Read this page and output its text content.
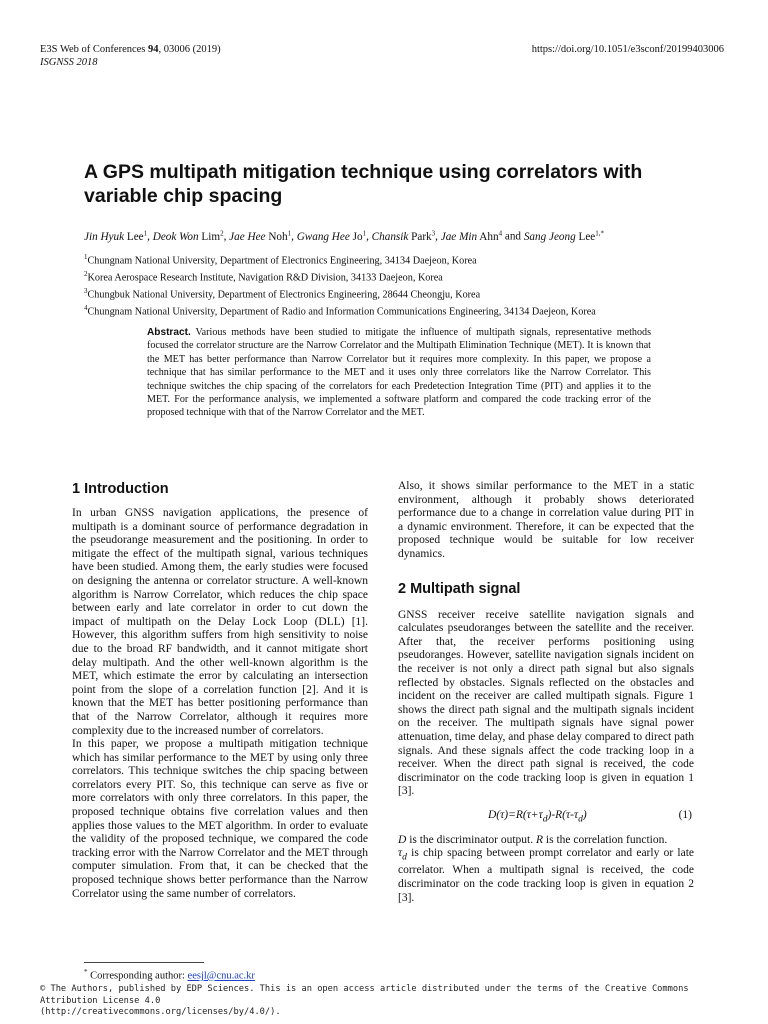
E3S Web of Conferences 94, 03006 (2019)
ISGNSS 2018
https://doi.org/10.1051/e3sconf/20199403006
A GPS multipath mitigation technique using correlators with variable chip spacing
Jin Hyuk Lee$^1$, Deok Won Lim$^2$, Jae Hee Noh$^1$, Gwang Hee Jo$^1$, Chansik Park$^3$, Jae Min Ahn$^4$ and Sang Jeong Lee$^{1,*}$
$^1$Chungnam National University, Department of Electronics Engineering, 34134 Daejeon, Korea
$^2$Korea Aerospace Research Institute, Navigation R&D Division, 34133 Daejeon, Korea
$^3$Chungbuk National University, Department of Electronics Engineering, 28644 Cheongju, Korea
$^4$Chungnam National University, Department of Radio and Information Communications Engineering, 34134 Daejeon, Korea
Abstract. Various methods have been studied to mitigate the influence of multipath signals, representative methods focused the correlator structure are the Narrow Correlator and the Multipath Elimination Technique (MET). It is known that the MET has better performance than Narrow Correlator but it requires more complexity. In this paper, we propose a technique that has similar performance to the MET and it uses only three correlators like the Narrow Correlator. This technique switches the chip spacing of the correlators for each Predetection Integration Time (PIT) and applies it to the MET. For the performance analysis, we implemented a software platform and compared the code tracking error of the proposed technique with that of the Narrow Correlator and the MET.
1 Introduction

In urban GNSS navigation applications, the presence of multipath is a dominant source of performance degradation in the pseudorange measurement and the positioning. In order to mitigate the effect of the multipath signal, various techniques have been studied. Among them, the early studies were focused on designing the antenna or correlator structure. A well-known algorithm is Narrow Correlator, which reduces the chip space between early and late correlator in order to cut down the impact of multipath on the Delay Lock Loop (DLL) [1]. However, this algorithm suffers from high sensitivity to noise due to the broad RF bandwidth, and it cannot mitigate short delay multipath. And the other well-known algorithm is the MET, which estimate the error by calculating an intersection point from the slope of a correlation function [2]. And it is known that the MET has better positioning performance than that of the Narrow Correlator, although it requires more complexity due to the increased number of correlators.

In this paper, we propose a multipath mitigation technique which has similar performance to the MET by using only three correlators. This technique switches the chip spacing between correlators every PIT. So, this technique can serve as five or more correlators with only three correlators. In this paper, the proposed technique obtains five correlation values and then applies those values to the MET algorithm. In order to evaluate the validity of the proposed technique, we compared the code tracking error with the Narrow Correlator and the MET through computer simulation. From that, it can be checked that the proposed technique shows better performance than the Narrow Correlator using the same number of correlators.

Also, it shows similar performance to the MET in a static environment, although it probably shows deteriorated performance due to a change in correlation value during PIT in a dynamic environment. Therefore, it can be expected that the proposed technique would be suitable for low receiver dynamics.

2 Multipath signal

GNSS receiver receive satellite navigation signals and calculates pseudoranges between the satellite and the receiver. After that, the receiver performs positioning using pseudoranges. However, satellite navigation signals incident on the receiver is not only a direct path signal but also signals reflected by obstacles. Signals reflected on the obstacles and incident on the receiver are called multipath signals. Figure 1 shows the direct path signal and the multipath signals incident on the receiver. The multipath signals have signal power attenuation, time delay, and phase delay compared to direct path signals. And these signals affect the code tracking loop in a receiver. When the direct path signal is received, the code discriminator on the code tracking loop is given in equation 1 [3].

$D(\tau)=R(\tau+\tau_d)-R(\tau-\tau_d)$	(1)

D is the discriminator output. R is the correlation function.
$\tau_d$ is chip spacing between prompt correlator and early or late correlator. When a multipath signal is received, the code discriminator on the code tracking loop is given in equation 2 [3].

* Corresponding author: eesjl@cnu.ac.kr
© The Authors, published by EDP Sciences. This is an open access article distributed under the terms of the Creative Commons Attribution License 4.0
(http://creativecommons.org/licenses/by/4.0/).
